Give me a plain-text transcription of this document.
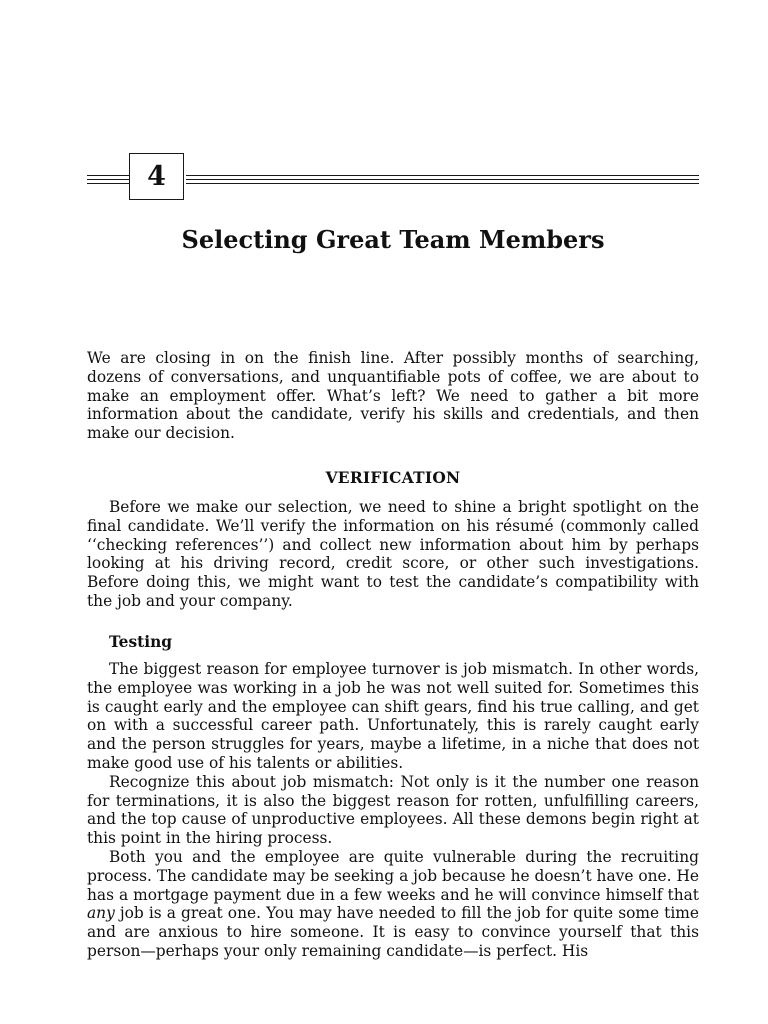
4
Selecting Great Team Members

We are closing in on the finish line. After possibly months of searching, dozens of conversations, and unquantifiable pots of coffee, we are about to make an employment offer. What’s left? We need to gather a bit more information about the candidate, verify his skills and credentials, and then make our decision.

VERIFICATION

Before we make our selection, we need to shine a bright spotlight on the final candidate. We’ll verify the information on his résumé (commonly called ‘‘checking references’’) and collect new information about him by perhaps looking at his driving record, credit score, or other such investigations. Before doing this, we might want to test the candidate’s compatibility with the job and your company.

Testing

The biggest reason for employee turnover is job mismatch. In other words, the employee was working in a job he was not well suited for. Sometimes this is caught early and the employee can shift gears, find his true calling, and get on with a successful career path. Unfortunately, this is rarely caught early and the person struggles for years, maybe a lifetime, in a niche that does not make good use of his talents or abilities.

Recognize this about job mismatch: Not only is it the number one reason for terminations, it is also the biggest reason for rotten, unfulfilling careers, and the top cause of unproductive employees. All these demons begin right at this point in the hiring process.

Both you and the employee are quite vulnerable during the recruiting process. The candidate may be seeking a job because he doesn’t have one. He has a mortgage payment due in a few weeks and he will convince himself that any job is a great one. You may have needed to fill the job for quite some time and are anxious to hire someone. It is easy to convince yourself that this person—perhaps your only remaining candidate—is perfect. His
